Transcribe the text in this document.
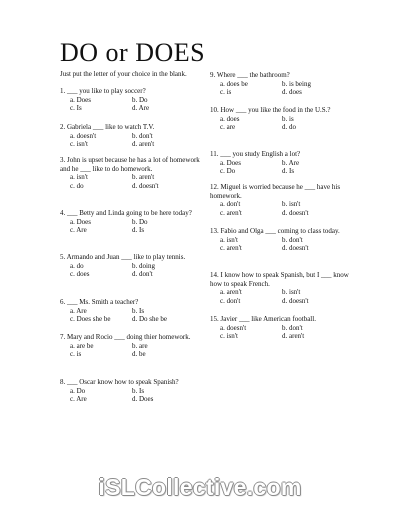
DO or DOES
Just put the letter of your choice in the blank.
1. ___ you like to play soccer?
a. Does	b. Do
c. Is	d. Are
2. Gabriela ___ like to watch T.V.
a. doesn't	b. don't
c. isn't	d. aren't
3. John is upset because he has a lot of homework and he ___ like to do homework.
a. isn't	b. aren't
c. do	d. doesn't
4. ___ Betty and Linda going to be here today?
a. Does	b. Do
c. Are	d. Is
5. Armando and Juan ___ like to play tennis.
a. do	b. doing
c. does	d. don't
6. ___ Ms. Smith a teacher?
a. Are	b. Is
c. Does she be	d. Do she be
7. Mary and Rocio ___ doing thier homework.
a. are be	b. are
c. is	d. be
8. ___ Oscar know how to speak Spanish?
a. Do	b. Is
c. Are	d. Does
9. Where ___ the bathroom?
a. does be	b. is being
c. is	d. does
10. How ___ you like the food in the U.S.?
a. does	b. is
c. are	d. do
11. ___ you study English a lot?
a. Does	b. Are
c. Do	d. Is
12. Miguel is worried because he ___ have his homework.
a. don't	b. isn't
c. aren't	d. doesn't
13. Fabio and Olga ___ coming to class today.
a. isn't	b. don't
c. aren't	d. doesn't
14. I know how to speak Spanish, but I ___ know how to speak French.
a. aren't	b. isn't
c. don't	d. doesn't
15. Javier ___ like American football.
a. doesn't	b. don't
c. isn't	d. aren't
iSLCollective.com
